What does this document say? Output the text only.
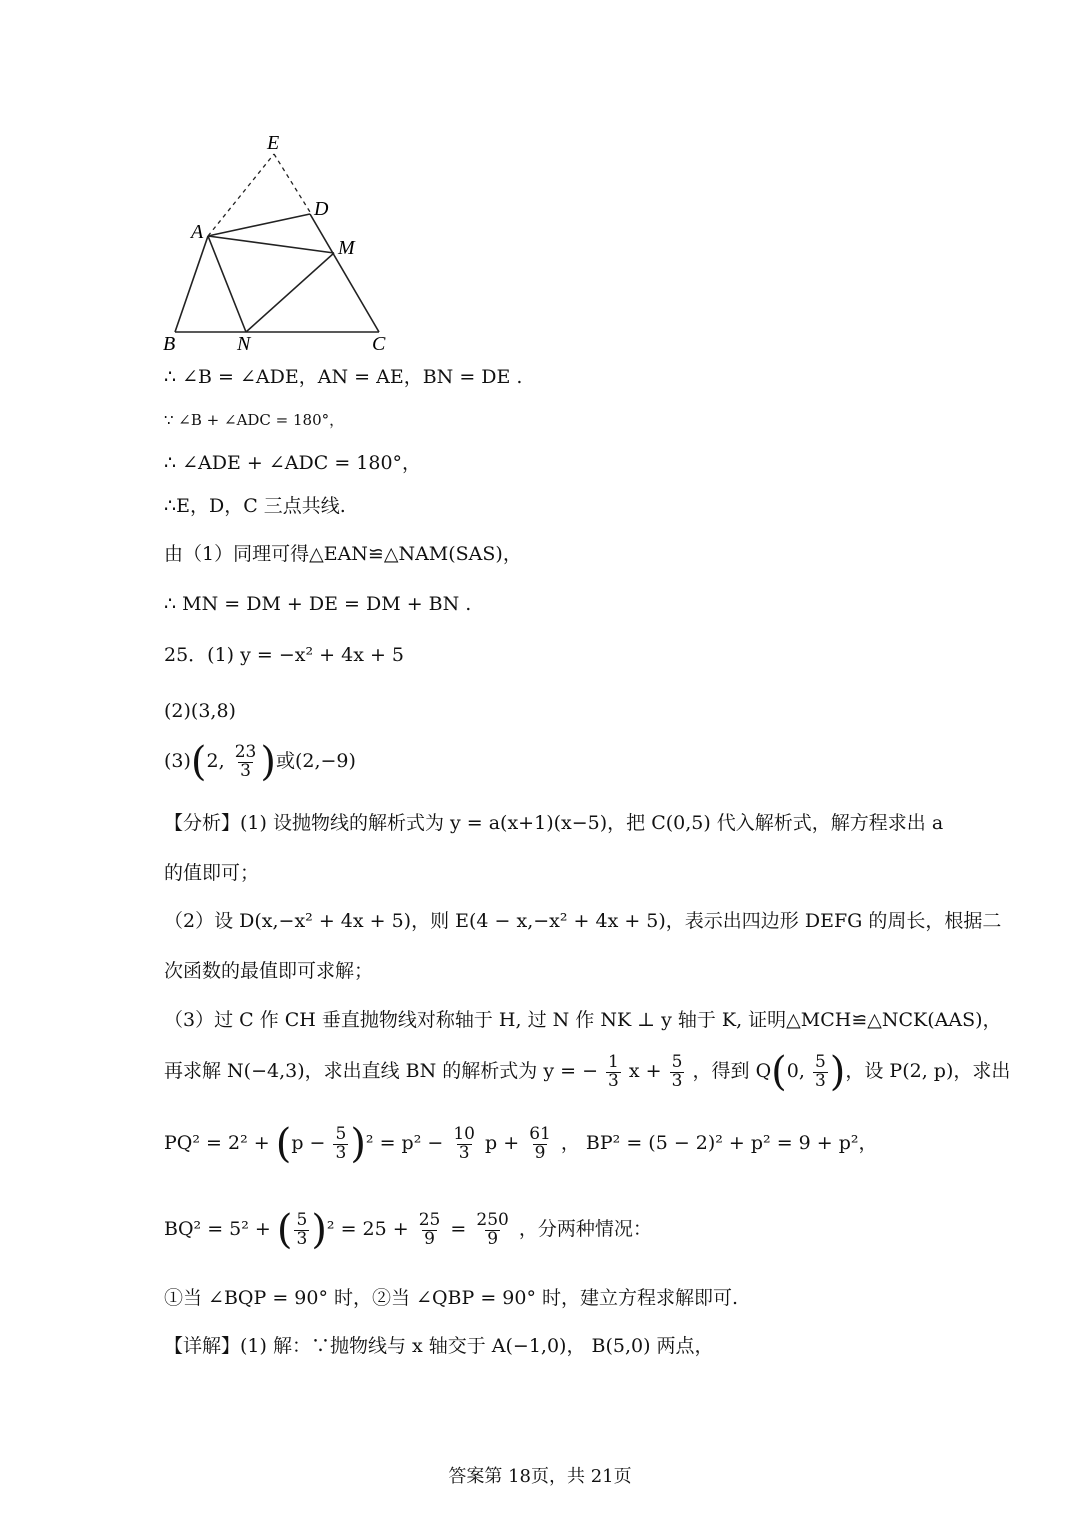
E
D
A
M
B	N	C
∴ ∠B = ∠ADE，AN = AE，BN = DE .
∵ ∠B + ∠ADC = 180°，
∴ ∠ADE + ∠ADC = 180°，
∴E，D，C 三点共线.
由（1）同理可得△EAN≌△NAM(SAS)，
∴ MN = DM + DE = DM + BN .
25．(1) y = −x² + 4x + 5
(2)(3,8)
(3)(2, $\frac{23}{3}$ )或(2,−9)
【分析】(1) 设抛物线的解析式为 y = a(x+1)(x−5)，把 C(0,5) 代入解析式，解方程求出 a
的值即可；
（2）设 D(x,−x² + 4x + 5)，则 E(4 − x,−x² + 4x + 5)，表示出四边形 DEFG 的周长，根据二
次函数的最值即可求解；
（3）过 C 作 CH 垂直抛物线对称轴于 H, 过 N 作 NK ⊥ y 轴于 K, 证明△MCH≌△NCK(AAS)，
再求解 N(−4,3)，求出直线 BN 的解析式为 y = − $\frac{1}{3}$ $x + \frac{5}{3}$ ，得到 Q(0, $\frac{5}{3}$ )，设 P(2, p)，求出
$PQ^2 = 2^2 + (p - \frac{5}{3} )^2 = p^2 - \frac{10}{3}$ $p + \frac{61}{9}$ ， BP² = (5 − 2)² + p² = 9 + p²，
BQ² = 5² + ( $\frac{5}{3} )^2 = 25 + \frac{25}{9} = \frac{250}{9}$ ，分两种情况：
①当 ∠BQP = 90° 时，②当 ∠QBP = 90° 时，建立方程求解即可.
【详解】(1) 解：∵抛物线与 x 轴交于 A(−1,0)， B(5,0) 两点，
答案第 18页，共 21页
